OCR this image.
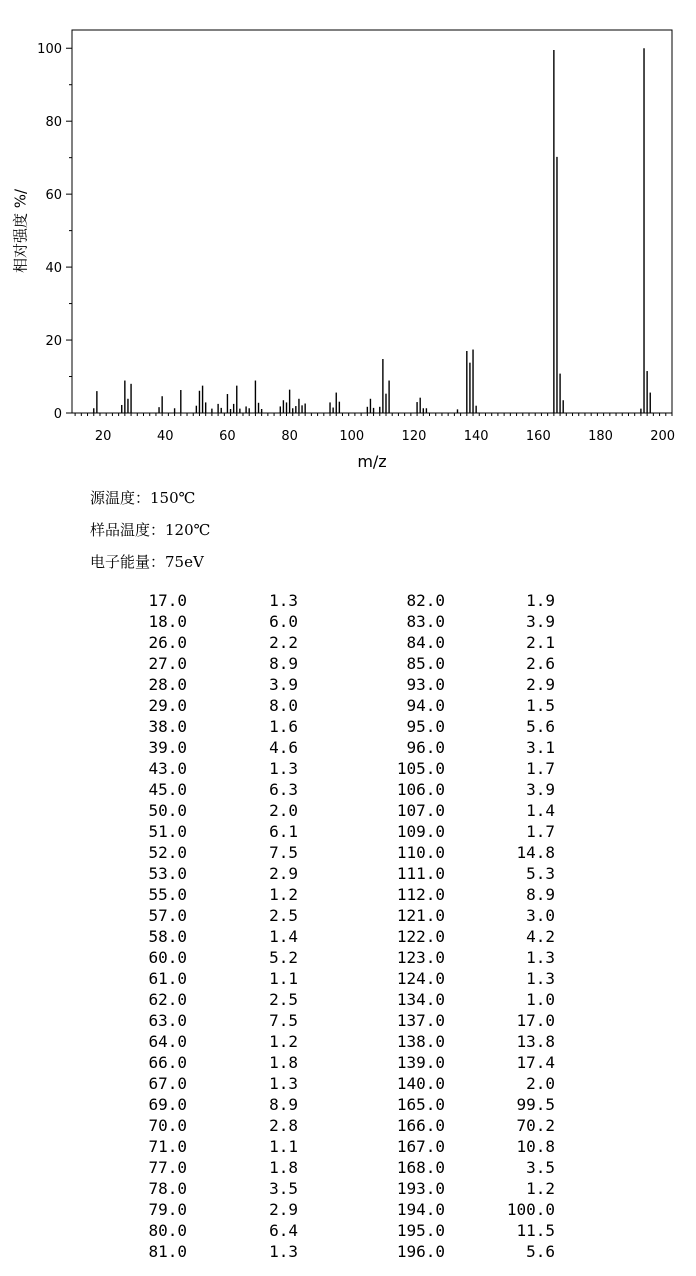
0
20
40
60
80
100
20	40	60	80	100	120	140	160	180	200
m/z
相对强度 %/
源温度：150℃
样品温度：120℃
电子能量：75eV
17.0	1.3	82.0	1.9
18.0	6.0	83.0	3.9
26.0	2.2	84.0	2.1
27.0	8.9	85.0	2.6
28.0	3.9	93.0	2.9
29.0	8.0	94.0	1.5
38.0	1.6	95.0	5.6
39.0	4.6	96.0	3.1
43.0	1.3	105.0	1.7
45.0	6.3	106.0	3.9
50.0	2.0	107.0	1.4
51.0	6.1	109.0	1.7
52.0	7.5	110.0	14.8
53.0	2.9	111.0	5.3
55.0	1.2	112.0	8.9
57.0	2.5	121.0	3.0
58.0	1.4	122.0	4.2
60.0	5.2	123.0	1.3
61.0	1.1	124.0	1.3
62.0	2.5	134.0	1.0
63.0	7.5	137.0	17.0
64.0	1.2	138.0	13.8
66.0	1.8	139.0	17.4
67.0	1.3	140.0	2.0
69.0	8.9	165.0	99.5
70.0	2.8	166.0	70.2
71.0	1.1	167.0	10.8
77.0	1.8	168.0	3.5
78.0	3.5	193.0	1.2
79.0	2.9	194.0	100.0
80.0	6.4	195.0	11.5
81.0	1.3	196.0	5.6
